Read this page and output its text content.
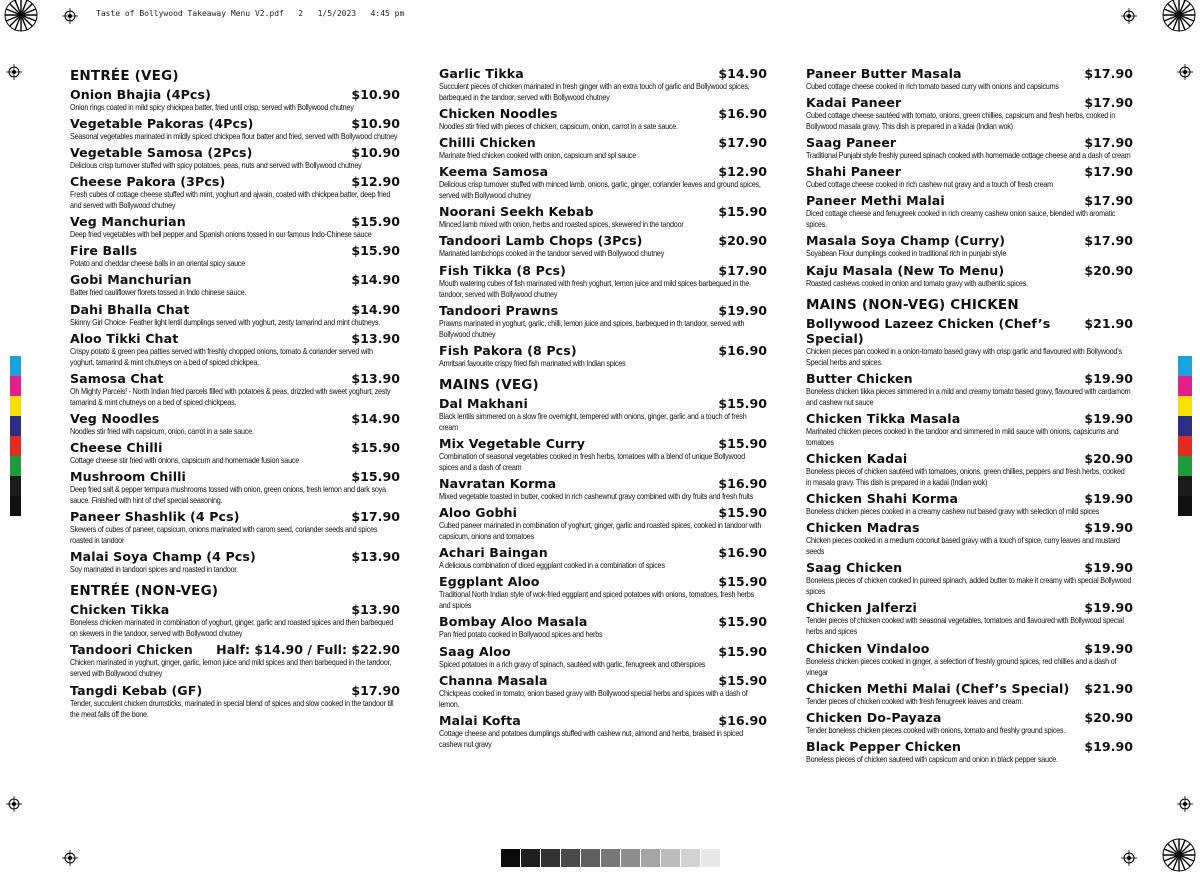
Taste of Bollywood Takeaway Menu V2.pdf 2 1/5/2023 4:45 pm
ENTRÉE (VEG)
Onion Bhajia (4Pcs)	$10.90
Onion rings coated in mild spicy chickpea batter, fried until crisp, served with Bollywood chutney
Vegetable Pakoras (4Pcs)	$10.90
Seasonal vegetables marinated in mildly spiced chickpea flour batter and fried, served with Bollywood chutney
Vegetable Samosa (2Pcs)	$10.90
Delicious crisp turnover stuffed with spicy potatoes, peas, nuts and served with Bollywood chutney
Cheese Pakora (3Pcs)	$12.90
Fresh cubes of cottage cheese stuffed with mint, yoghurt and ajwain, coated with chickpea batter, deep fried and served with Bollywood chutney
Veg Manchurian	$15.90
Deep fried vegetables with bell pepper and Spanish onions tossed in our famous Indo-Chinese sauce
Fire Balls	$15.90
Potato and cheddar cheese balls in an oriental spicy sauce
Gobi Manchurian	$14.90
Batter fried cauliflower florets tossed in Indo chinese sauce.
Dahi Bhalla Chat	$14.90
Skinny Girl Choice- Feather light lentil dumplings served with yoghurt, zesty tamarind and mint chutneys.
Aloo Tikki Chat	$13.90
Crispy potato & green pea patties served with freshly chopped onions, tomato & coriander served with yoghurt, tamarind & mint chutneys on a bed of spiced chickpea.
Samosa Chat	$13.90
Oh Mighty Parcels! - North Indian fried parcels filled with potatoes & peas, drizzled with sweet yoghurt, zesty tamarind & mint chutneys on a bed of spiced chickpeas.
Veg Noodles	$14.90
Noodles stir fried with capsicum, onion, carrot in a sate sauce.
Cheese Chilli	$15.90
Cottage cheese stir fried with onions, capsicum and homemade fusion sauce
Mushroom Chilli	$15.90
Deep fried salt & pepper tempura mushrooms tossed with onion, green onions, fresh lemon and dark soya sauce. Finished with hint of chef special seasoning.
Paneer Shashlik (4 Pcs)	$17.90
Skewers of cubes of paneer, capsicum, onions marinated with carom seed, coriander seeds and spices roasted in tandoor
Malai Soya Champ (4 Pcs)	$13.90
Soy marinated in tandoori spices and roasted in tandoor.
ENTRÉE (NON-VEG)
Chicken Tikka	$13.90
Boneless chicken marinated in combination of yoghurt, ginger, garlic and roasted spices and then barbequed on skewers in the tandoor, served with Bollywood chutney
Tandoori Chicken Half: $14.90 / Full: $22.90
Chicken marinated in yoghurt, ginger, garlic, lemon juice and mild spices and then barbequed in the tandoor, served with Bollywood chutney
Tangdi Kebab (GF)	$17.90
Tender, succulent chicken drumsticks, marinated in special blend of spices and slow cooked in the tandoor till the meat falls off the bone.
Garlic Tikka	$14.90
Succulent pieces of chicken marinated in fresh ginger with an extra touch of garlic and Bollywood spices, barbequed in the tandoor, served with Bollywood chutney
Chicken Noodles	$16.90
Noodles stir fried with pieces of chicken, capsicum, onion, carrot in a sate sauce.
Chilli Chicken	$17.90
Marinate fried chicken cooked with onion, capsicum and spl sauce
Keema Samosa	$12.90
Delicious crisp turnover stuffed with minced lamb, onions, garlic, ginger, coriander leaves and ground spices, served with Bollywood chutney
Noorani Seekh Kebab	$15.90
Minced lamb mixed with onion, herbs and roasted spices, skewered in the tandoor
Tandoori Lamb Chops (3Pcs)	$20.90
Marinated lambchops cooked in the tandoor served with Bollywood chutney
Fish Tikka (8 Pcs)	$17.90
Mouth watering cubes of fish marinated with fresh yoghurt, lemon juice and mild spices barbequed in the tandoor, served with Bollywood chutney
Tandoori Prawns	$19.90
Prawns marinated in yoghurt, garlic, chilli, lemon juice and spices, barbequed in th tandoor, served with Bollywood chutney
Fish Pakora (8 Pcs)	$16.90
Amritsari favourite crispy fried fish marinated with Indian spices
MAINS (VEG)
Dal Makhani	$15.90
Black lentils simmered on a slow fire overnight, tempered with onions, ginger, garlic and a touch of fresh cream
Mix Vegetable Curry	$15.90
Combination of seasonal vegetables cooked in fresh herbs, tomatoes with a blend of unique Bollywood spices and a dash of cream
Navratan Korma	$16.90
Mixed vegetable toasted in butter, cooked in rich cashewnut gravy combined with dry fruits and fresh fruits
Aloo Gobhi	$15.90
Cubed paneer marinated in combination of yoghurt, ginger, garlic and roasted spices, cooked in tandoor with capsicum, onions and tomatoes
Achari Baingan	$16.90
A delicious combination of diced eggplant cooked in a combination of spices
Eggplant Aloo	$15.90
Traditional North Indian style of wok-fried eggplant and spiced potatoes with onions, tomatoes, fresh herbs and spices
Bombay Aloo Masala	$15.90
Pan fried potato cooked in Bollywood spices and herbs
Saag Aloo	$15.90
Spiced potatoes in a rich gravy of spinach, sautéed with garlic, fenugreek and otherspices
Channa Masala	$15.90
Chickpeas cooked in tomato, onion based gravy with Bollywood special herbs and spices with a dash of lemon.
Malai Kofta	$16.90
Cottage cheese and potatoes dumplings stuffed with cashew nut, almond and herbs, braised in spiced cashew nut gravy
Paneer Butter Masala	$17.90
Cubed cottage cheese cooked in rich tomato based curry with onions and capsicums
Kadai Paneer	$17.90
Cubed cottage cheese sautéed with tomato, onions, green chillies, capsicum and fresh herbs, cooked in Bollywood masala gravy. This dish is prepared in a kadai (Indian wok)
Saag Paneer	$17.90
Traditional Punjabi style freshly pureed spinach cooked with homemade cottage cheese and a dash of cream
Shahi Paneer	$17.90
Cubed cottage cheese cooked in rich cashew nut gravy and a touch of fresh cream
Paneer Methi Malai	$17.90
Diced cottage cheese and fenugreek cooked in rich creamy cashew onion sauce, blended with aromatic spices.
Masala Soya Champ (Curry)	$17.90
Soyabean Flour dumplings cooked in traditional rich in punjabi style
Kaju Masala (New To Menu)	$20.90
Roasted cashews cooked in onion and tomato gravy with authentic spices.
MAINS (NON-VEG) CHICKEN
Bollywood Lazeez Chicken (Chef’s Special)
$21.90
Chicken pieces pan cooked in a onion-tomato based gravy with crisp garlic and flavoured with Bollywood’s Special herbs and spices.
Butter Chicken	$19.90
Boneless chicken tikka pieces simmered in a mild and creamy tomato based gravy, flavoured with cardamom and cashew nut sauce
Chicken Tikka Masala	$19.90
Marinated chicken pieces cooked in the tandoor and simmered in mild sauce with onions, capsicums and tomatoes
Chicken Kadai	$20.90
Boneless pieces of chicken sautéed with tomatoes, onions, green chillies, peppers and fresh herbs, cooked in masala gravy. This dish is prepared in a kadai (Indian wok)
Chicken Shahi Korma	$19.90
Boneless chicken pieces cooked in a creamy cashew nut based gravy with selection of mild spices
Chicken Madras	$19.90
Chicken pieces cooked in a medium coconut based gravy with a touch of spice, curry leaves and mustard seeds
Saag Chicken	$19.90
Boneless pieces of chicken cooked in pureed spinach, added butter to make it creamy with special Bollywood spices
Chicken Jalferzi	$19.90
Tender pieces of chicken cooked with seasonal vegetables, tomatoes and flavoured with Bollywood special herbs and spices
Chicken Vindaloo	$19.90
Boneless chicken pieces cooked in ginger, a selection of freshly ground spices, red chillies and a dash of vinegar
Chicken Methi Malai (Chef’s Special) $21.90
Tender pieces of chicken cooked with fresh fenugreek leaves and cream.
Chicken Do-Payaza	$20.90
Tender boneless chicken pieces cooked with onions, tomato and freshly ground spices.
Black Pepper Chicken	$19.90
Boneless pieces of chicken sauteed with capsicum and onion in black pepper sauce.
